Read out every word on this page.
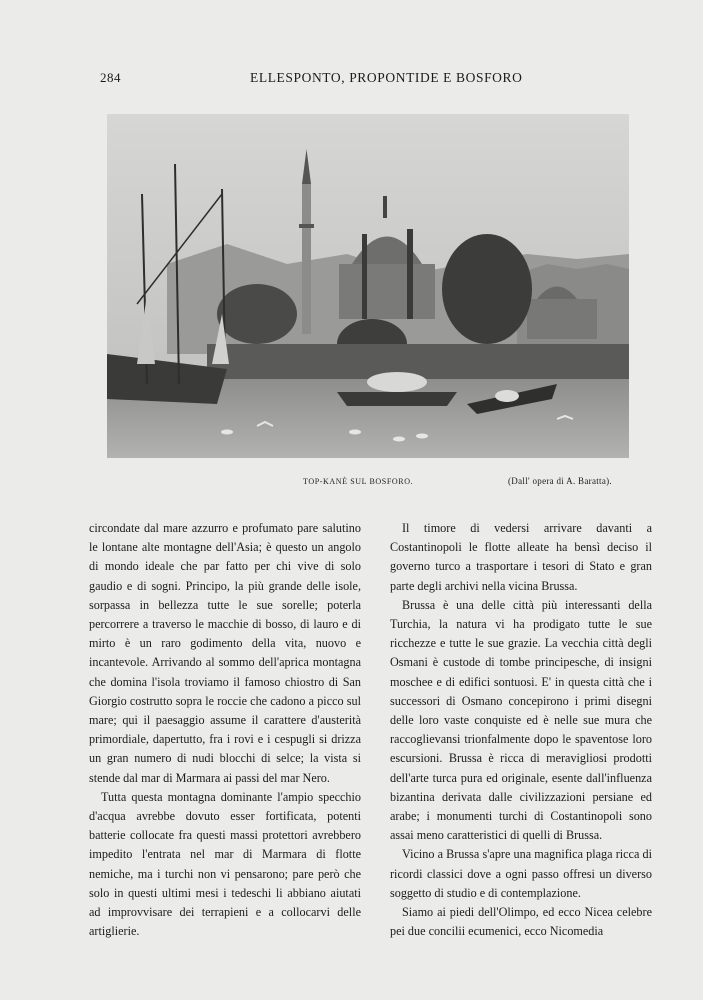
284	ELLESPONTO, PROPONTIDE E BOSFORO
TOP-KANÈ SUL BOSFORO.	(Dall' opera di A. Baratta).

circondate dal mare azzurro e profumato pare salutino le lontane alte montagne dell'Asia; è questo un angolo di mondo ideale che par fatto per chi vive di solo gaudio e di sogni. Principo, la più grande delle isole, sorpassa in bellezza tutte le sue sorelle; poterla percorrere a traverso le macchie di bosso, di lauro e di mirto è un raro godimento della vita, nuovo e incantevole. Arrivando al sommo dell'aprica montagna che domina l'isola troviamo il famoso chiostro di San Giorgio costrutto sopra le roccie che cadono a picco sul mare; qui il paesaggio assume il carattere d'austerità primordiale, dapertutto, fra i rovi e i cespugli si drizza un gran numero di nudi blocchi di selce; la vista si stende dal mar di Marmara ai passi del mar Nero.

Tutta questa montagna dominante l'ampio specchio d'acqua avrebbe dovuto esser fortificata, potenti batterie collocate fra questi massi protettori avrebbero impedito l'entrata nel mar di Marmara di flotte nemiche, ma i turchi non vi pensarono; pare però che solo in questi ultimi mesi i tedeschi li abbiano aiutati ad improvvisare dei terrapieni e a collocarvi delle artiglierie.

Il timore di vedersi arrivare davanti a Costantinopoli le flotte alleate ha bensì deciso il governo turco a trasportare i tesori di Stato e gran parte degli archivi nella vicina Brussa.

Brussa è una delle città più interessanti della Turchia, la natura vi ha prodigato tutte le sue ricchezze e tutte le sue grazie. La vecchia città degli Osmani è custode di tombe principesche, di insigni moschee e di edifici sontuosi. E' in questa città che i successori di Osmano concepirono i primi disegni delle loro vaste conquiste ed è nelle sue mura che raccoglievansi trionfalmente dopo le spaventose loro escursioni. Brussa è ricca di meravigliosi prodotti dell'arte turca pura ed originale, esente dall'influenza bizantina derivata dalle civilizzazioni persiane ed arabe; i monumenti turchi di Costantinopoli sono assai meno caratteristici di quelli di Brussa.

Vicino a Brussa s'apre una magnifica plaga ricca di ricordi classici dove a ogni passo offresi un diverso soggetto di studio e di contemplazione.

Siamo ai piedi dell'Olimpo, ed ecco Nicea celebre pei due concilii ecumenici, ecco Nicomedia
